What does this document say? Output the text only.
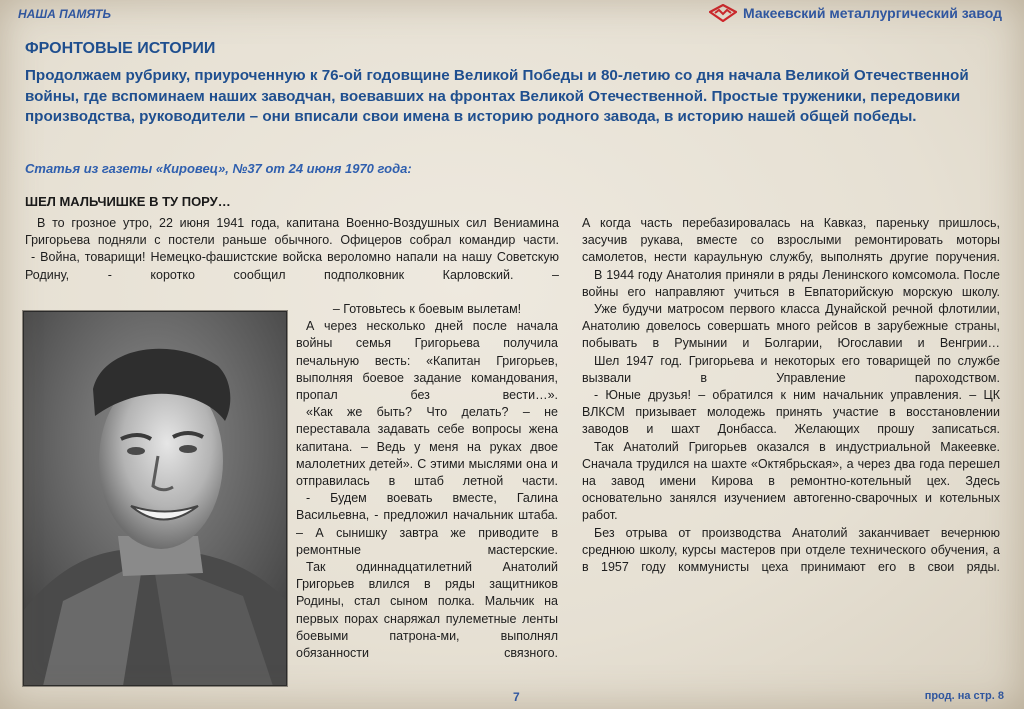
НАША ПАМЯТЬ	Макеевский металлургический завод
ФРОНТОВЫЕ ИСТОРИИ

Продолжаем рубрику, приуроченную к 76-ой годовщине Великой Победы и 80-летию со дня начала Великой Отечественной войны, где вспоминаем наших заводчан, воевавших на фронтах Великой Отечественной. Простые труженики, передовики производства, руководители – они вписали свои имена в историю родного завода, в историю нашей общей победы.

Статья из газеты «Кировец», №37 от 24 июня 1970 года:
ШЕЛ МАЛЬЧИШКЕ В ТУ ПОРУ…

В то грозное утро, 22 июня 1941 года, капитана Военно-Воздушных сил Вениамина Григорьева подняли с постели раньше обычного. Офицеров собрал командир части.

- Война, товарищи! Немецко-фашистские войска вероломно напали на нашу Советскую Родину, - коротко сообщил подполковник Карловский. –

– Готовьтесь к боевым вылетам!

А через несколько дней после начала войны семья Григорьева получила печальную весть: «Капитан Григорьев, выполняя боевое задание командования, пропал без вести…».

«Как же быть? Что делать? – не переставала задавать себе вопросы жена капитана. – Ведь у меня на руках двое малолетних детей». С этими мыслями она и отправилась в штаб летной части.

- Будем воевать вместе, Галина Васильевна, - предложил начальник штаба. – А сынишку завтра же приводите в ремонтные мастерские.

Так одиннадцатилетний Анатолий Григорьев влился в ряды защитников Родины, стал сыном полка. Мальчик на первых порах снаряжал пулеметные ленты боевыми патрона-ми, выполнял обязанности связного.

А когда часть перебазировалась на Кавказ, пареньку пришлось, засучив рукава, вместе со взрослыми ремонтировать моторы самолетов, нести караульную службу, выполнять другие поручения.

В 1944 году Анатолия приняли в ряды Ленинского комсомола. После войны его направляют учиться в Евпаторийскую морскую школу.

Уже будучи матросом первого класса Дунайской речной флотилии, Анатолию довелось совершать много рейсов в зарубежные страны, побывать в Румынии и Болгарии, Югославии и Венгрии…

Шел 1947 год. Григорьева и некоторых его товарищей по службе вызвали в Управление пароходством.

- Юные друзья! – обратился к ним начальник управления. – ЦК ВЛКСМ призывает молодежь принять участие в восстановлении заводов и шахт Донбасса. Желающих прошу записаться.

Так Анатолий Григорьев оказался в индустриальной Макеевке. Сначала трудился на шахте «Октябрьская», а через два года перешел на завод имени Кирова в ремонтно-котельный цех. Здесь основательно занялся изучением автогенно-сварочных и котельных работ.

Без отрыва от производства Анатолий заканчивает вечернюю среднюю школу, курсы мастеров при отделе технического обучения, а в 1957 году коммунисты цеха принимают его в свои ряды.

7	прод. на стр. 8
